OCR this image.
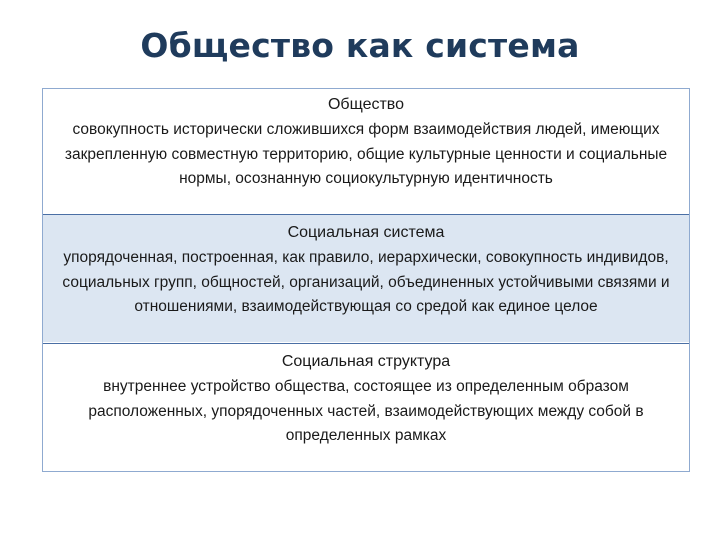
Общество как система
Общество
совокупность исторически сложившихся форм взаимодействия людей, имеющих закрепленную совместную территорию, общие культурные ценности и социальные нормы, осознанную социокультурную идентичность
Социальная система
упорядоченная, построенная, как правило, иерархически, совокупность индивидов, социальных групп, общностей, организаций, объединенных устойчивыми связями и отношениями, взаимодействующая со средой как единое целое
Социальная структура
внутреннее устройство общества, состоящее из определенным образом расположенных, упорядоченных частей, взаимодействующих между собой в определенных рамках
